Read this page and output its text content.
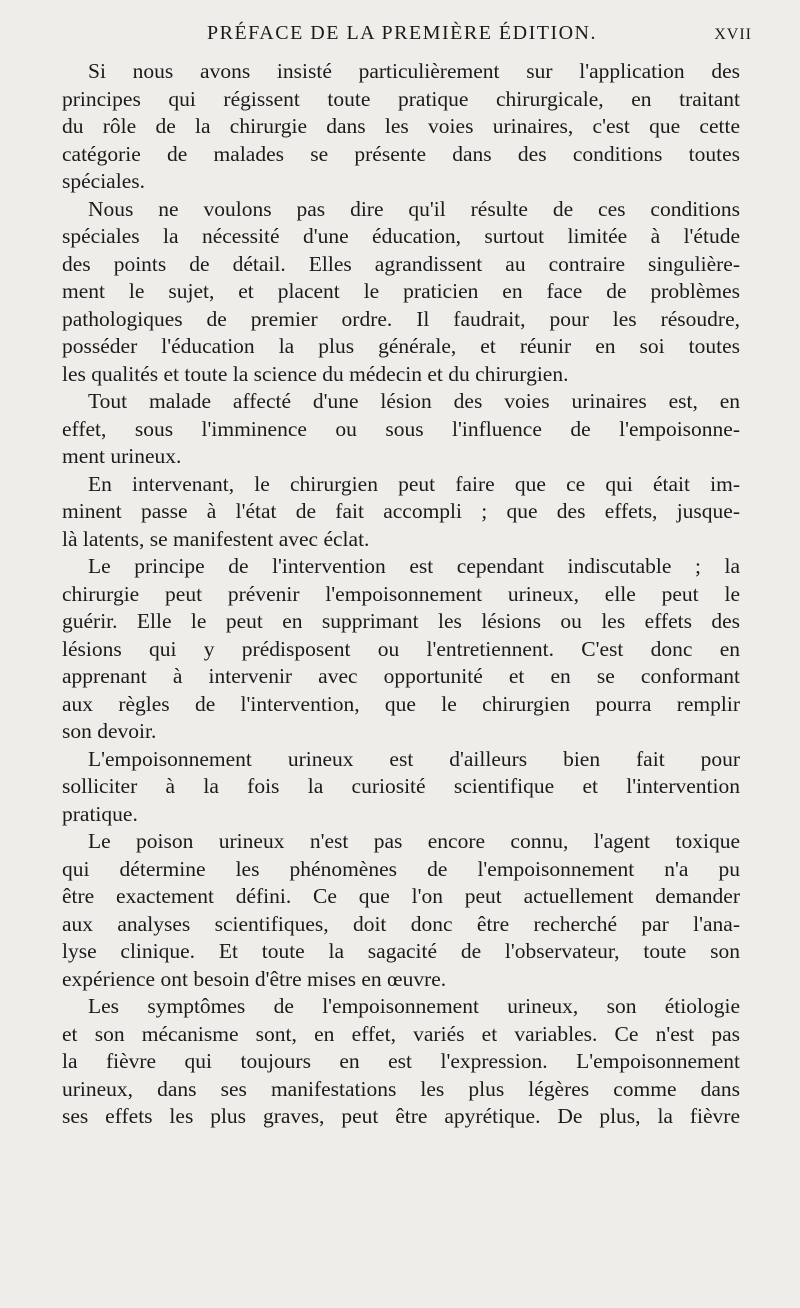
PRÉFACE DE LA PREMIÈRE ÉDITION.	XVII
Si nous avons insisté particulièrement sur l'application des
principes qui régissent toute pratique chirurgicale, en traitant
du rôle de la chirurgie dans les voies urinaires, c'est que cette
catégorie de malades se présente dans des conditions toutes
spéciales.
Nous ne voulons pas dire qu'il résulte de ces conditions
spéciales la nécessité d'une éducation, surtout limitée à l'étude
des points de détail. Elles agrandissent au contraire singulière-
ment le sujet, et placent le praticien en face de problèmes
pathologiques de premier ordre. Il faudrait, pour les résoudre,
posséder l'éducation la plus générale, et réunir en soi toutes
les qualités et toute la science du médecin et du chirurgien.
Tout malade affecté d'une lésion des voies urinaires est, en
effet, sous l'imminence ou sous l'influence de l'empoisonne-
ment urineux.
En intervenant, le chirurgien peut faire que ce qui était im-
minent passe à l'état de fait accompli ; que des effets, jusque-
là latents, se manifestent avec éclat.
Le principe de l'intervention est cependant indiscutable ; la
chirurgie peut prévenir l'empoisonnement urineux, elle peut le
guérir. Elle le peut en supprimant les lésions ou les effets des
lésions qui y prédisposent ou l'entretiennent. C'est donc en
apprenant à intervenir avec opportunité et en se conformant
aux règles de l'intervention, que le chirurgien pourra remplir
son devoir.
L'empoisonnement urineux est d'ailleurs bien fait pour
solliciter à la fois la curiosité scientifique et l'intervention
pratique.
Le poison urineux n'est pas encore connu, l'agent toxique
qui détermine les phénomènes de l'empoisonnement n'a pu
être exactement défini. Ce que l'on peut actuellement demander
aux analyses scientifiques, doit donc être recherché par l'ana-
lyse clinique. Et toute la sagacité de l'observateur, toute son
expérience ont besoin d'être mises en œuvre.
Les symptômes de l'empoisonnement urineux, son étiologie
et son mécanisme sont, en effet, variés et variables. Ce n'est pas
la fièvre qui toujours en est l'expression. L'empoisonnement
urineux, dans ses manifestations les plus légères comme dans
ses effets les plus graves, peut être apyrétique. De plus, la fièvre
